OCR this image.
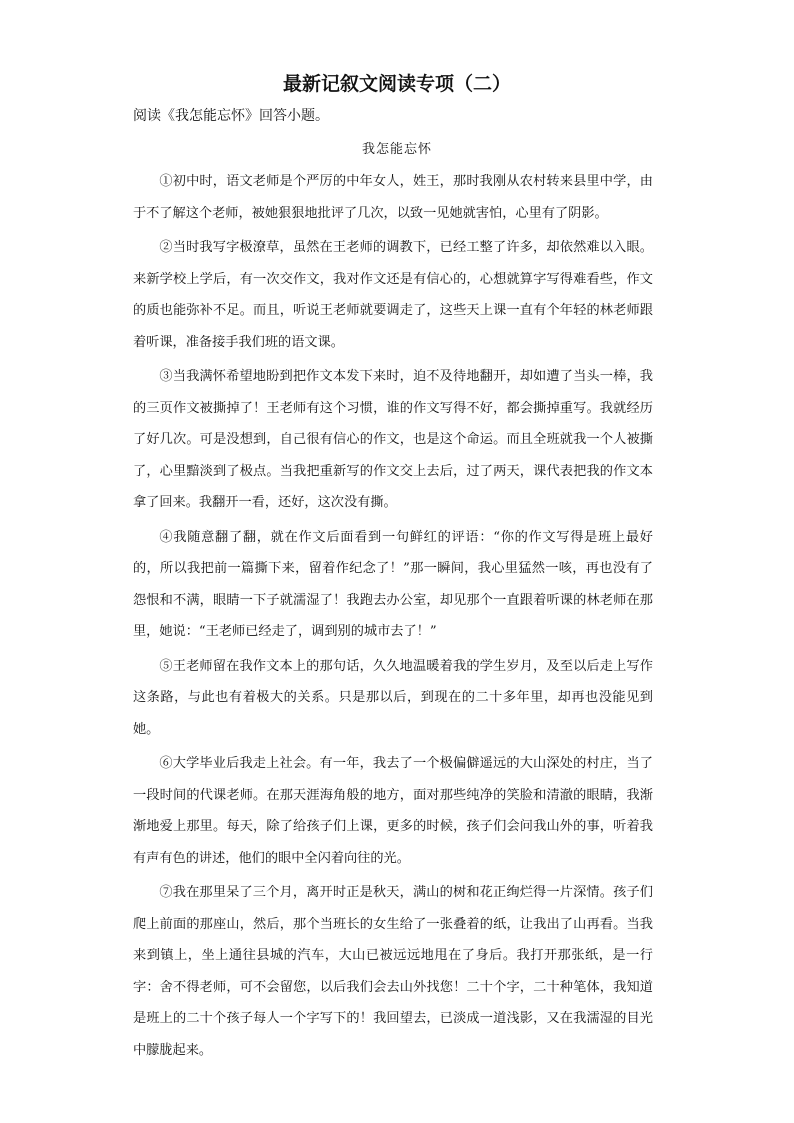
最新记叙文阅读专项（二）
阅读《我怎能忘怀》回答小题。
我怎能忘怀

①初中时，语文老师是个严厉的中年女人，姓王，那时我刚从农村转来县里中学，由于不了解这个老师，被她狠狠地批评了几次，以致一见她就害怕，心里有了阴影。

②当时我写字极潦草，虽然在王老师的调教下，已经工整了许多，却依然难以入眼。来新学校上学后，有一次交作文，我对作文还是有信心的，心想就算字写得难看些，作文的质也能弥补不足。而且，听说王老师就要调走了，这些天上课一直有个年轻的林老师跟着听课，准备接手我们班的语文课。

③当我满怀希望地盼到把作文本发下来时，迫不及待地翻开，却如遭了当头一棒，我的三页作文被撕掉了！王老师有这个习惯，谁的作文写得不好，都会撕掉重写。我就经历了好几次。可是没想到，自己很有信心的作文，也是这个命运。而且全班就我一个人被撕了，心里黯淡到了极点。当我把重新写的作文交上去后，过了两天，课代表把我的作文本拿了回来。我翻开一看，还好，这次没有撕。

④我随意翻了翻，就在作文后面看到一句鲜红的评语：“你的作文写得是班上最好的，所以我把前一篇撕下来，留着作纪念了！”那一瞬间，我心里猛然一咳，再也没有了怨恨和不满，眼睛一下子就濡湿了！我跑去办公室，却见那个一直跟着听课的林老师在那里，她说：“王老师已经走了，调到别的城市去了！”

⑤王老师留在我作文本上的那句话，久久地温暖着我的学生岁月，及至以后走上写作这条路，与此也有着极大的关系。只是那以后，到现在的二十多年里，却再也没能见到她。

⑥大学毕业后我走上社会。有一年，我去了一个极偏僻遥远的大山深处的村庄，当了一段时间的代课老师。在那天涯海角般的地方，面对那些纯净的笑脸和清澈的眼睛，我渐渐地爱上那里。每天，除了给孩子们上课，更多的时候，孩子们会问我山外的事，听着我有声有色的讲述，他们的眼中全闪着向往的光。

⑦我在那里呆了三个月，离开时正是秋天，满山的树和花正绚烂得一片深情。孩子们爬上前面的那座山，然后，那个当班长的女生给了一张叠着的纸，让我出了山再看。当我来到镇上，坐上通往县城的汽车，大山已被远远地甩在了身后。我打开那张纸，是一行字：舍不得老师，可不会留您，以后我们会去山外找您！二十个字，二十种笔体，我知道是班上的二十个孩子每人一个字写下的！我回望去，已淡成一道浅影，又在我濡湿的目光中朦胧起来。
